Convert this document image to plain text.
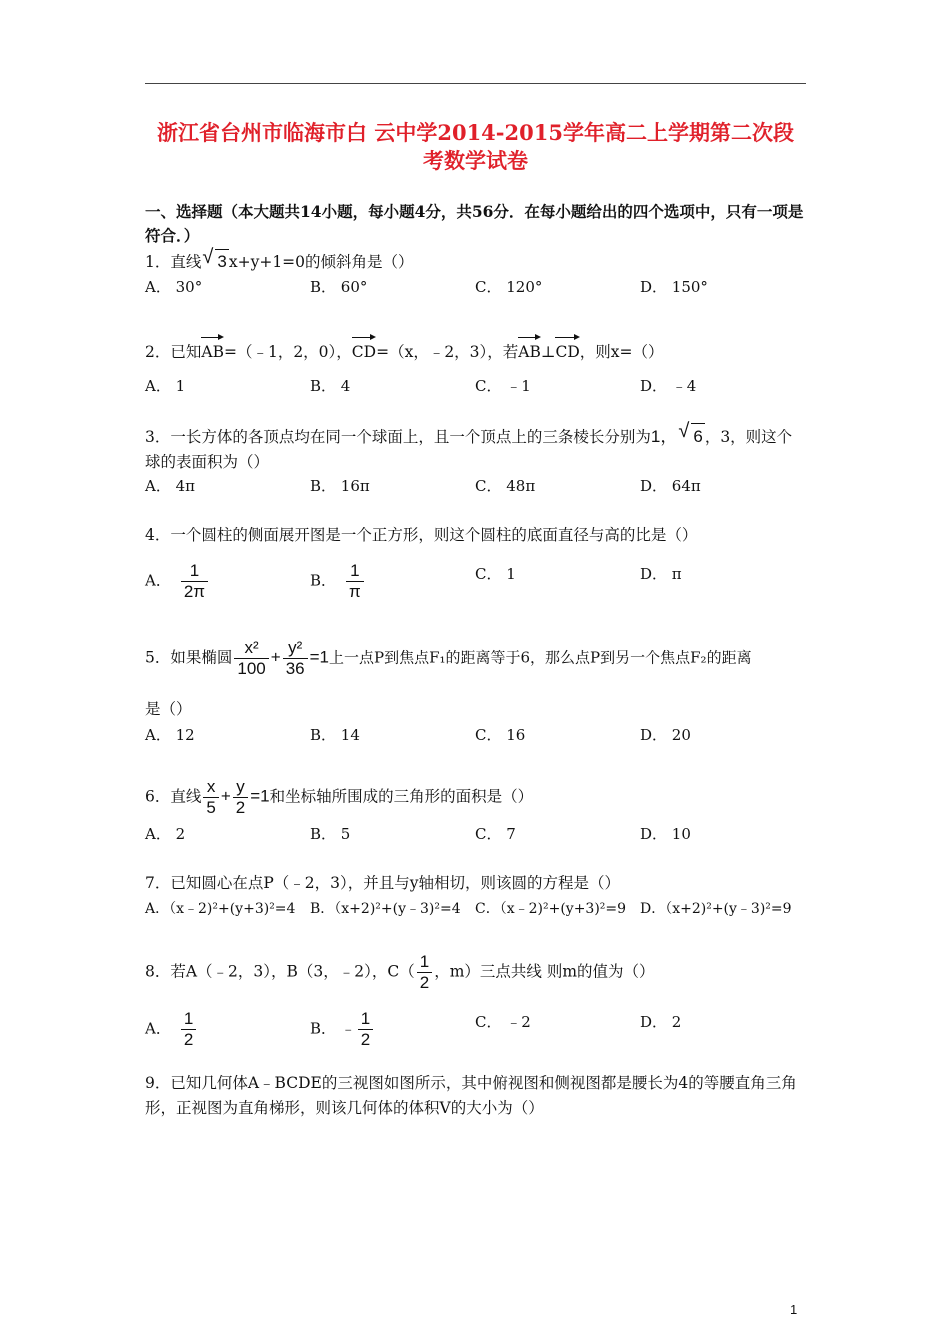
浙江省台州市临海市白 云中学2014-2015学年高二上学期第二次段
考数学试卷
一、选择题（本大题共14小题，每小题4分，共56分．在每小题给出的四个选项中，只有一项是符合．）
1．直线 √ 3 x+y+1=0的倾斜角是（）
A． 30°	B． 60°	C． 120°	D． 150°
2．已知AB=（﹣1，2，0），CD=（x，﹣2，3），若AB⊥CD，则x=（）
A． 1	B． 4	C． ﹣1	D． ﹣4
3．一长方体的各顶点均在同一个球面上，且一个顶点上的三条棱长分别为1， √ 6 ，3，则这个球的表面积为（）
A． 4π	B． 16π	C． 48π	D． 64π
4．一个圆柱的侧面展开图是一个正方形，则这个圆柱的底面直径与高的比是（）
A． $\frac{1}{2\pi}$	B． $\frac{1}{\pi}$	C． 1	D． π
5．如果椭圆 $\frac{\text{x²}}{100} + \frac{\text{y²}}{36} =1$上一点P到焦点F₁的距离等于6，那么点P到另一个焦点F₂的距离
是（）
A． 12	B． 14	C． 16	D． 20
6．直线 $\frac{x}{5} + \frac{y}{2} =1$和坐标轴所围成的三角形的面积是（）
A． 2	B． 5	C． 7	D． 10
7．已知圆心在点P（﹣2，3），并且与y轴相切，则该圆的方程是（）
A．（x﹣2)²+(y+3)²=4 B．（x+2)²+(y﹣3)²=4 C．（x﹣2)²+(y+3)²=9 D．（x+2)²+(y﹣3)²=9
8．若A（﹣2，3），B（3，﹣2），$C( \frac{1}{2}$ ，m）三点共线 则m的值为（）
A． $\frac{1}{2}$	B． ﹣ $\frac{1}{2}$	C． ﹣2	D． 2
9．已知几何体A﹣BCDE的三视图如图所示，其中俯视图和侧视图都是腰长为4的等腰直角三角形，正视图为直角梯形，则该几何体的体积V的大小为（）
1
